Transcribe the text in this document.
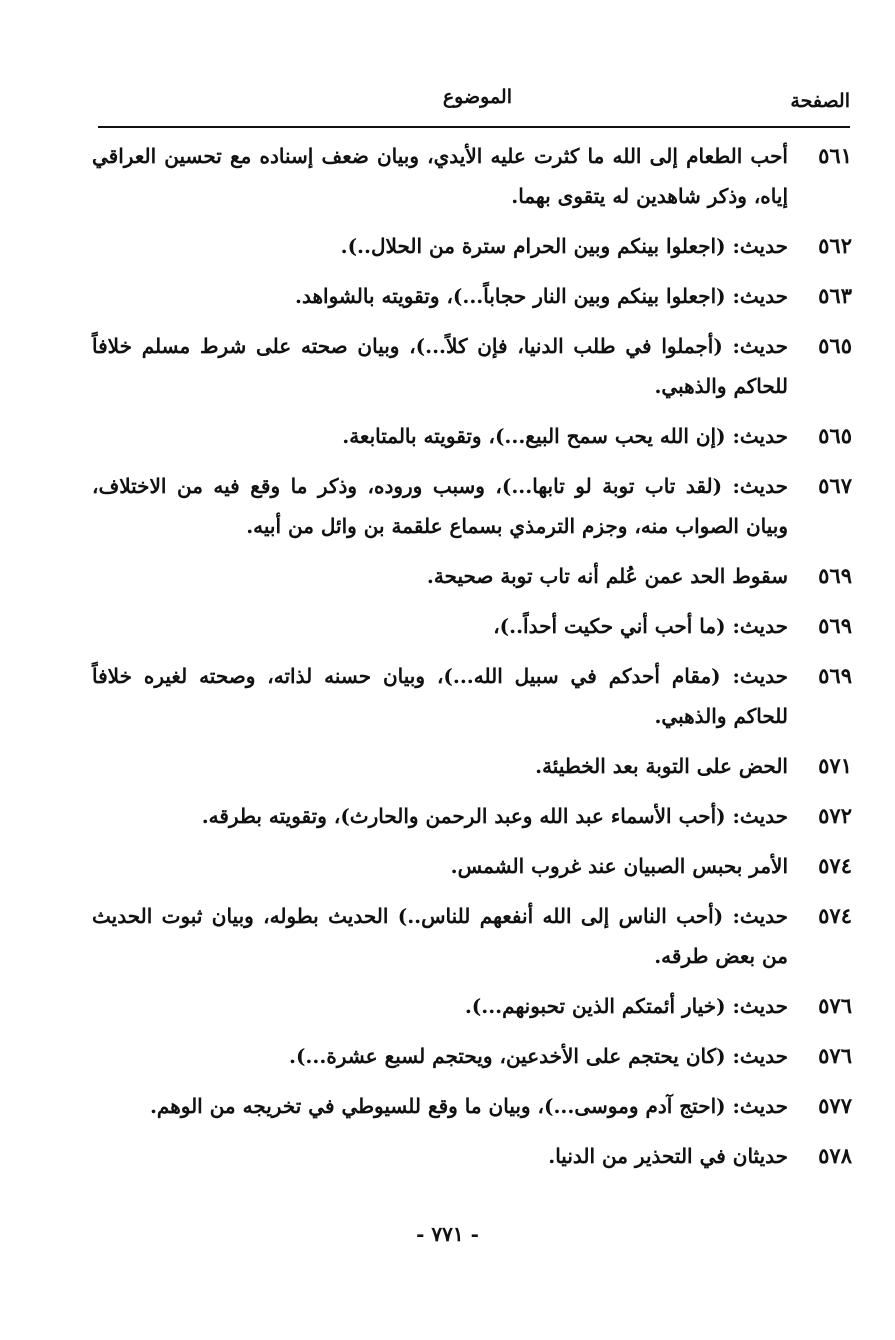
الصفحة
الموضوع
٥٦١
أحب الطعام إلى الله ما كثرت عليه الأيدي، وبيان ضعف إسناده مع تحسين العراقي إياه، وذكر شاهدين له يتقوى بهما.
٥٦٢
حديث: (اجعلوا بينكم وبين الحرام سترة من الحلال..).
٥٦٣
حديث: (اجعلوا بينكم وبين النار حجاباً...)، وتقويته بالشواهد.
٥٦٥
حديث: (أجملوا في طلب الدنيا، فإن كلاً...)، وبيان صحته على شرط مسلم خلافاً للحاكم والذهبي.
٥٦٥
حديث: (إن الله يحب سمح البيع...)، وتقويته بالمتابعة.
٥٦٧
حديث: (لقد تاب توبة لو تابها...)، وسبب وروده، وذكر ما وقع فيه من الاختلاف، وبيان الصواب منه، وجزم الترمذي بسماع علقمة بن وائل من أبيه.
٥٦٩
سقوط الحد عمن عُلم أنه تاب توبة صحيحة.
٥٦٩
حديث: (ما أحب أني حكيت أحداً..)،
٥٦٩
حديث: (مقام أحدكم في سبيل الله...)، وبيان حسنه لذاته، وصحته لغيره خلافاً للحاكم والذهبي.
٥٧١
الحض على التوبة بعد الخطيئة.
٥٧٢
حديث: (أحب الأسماء عبد الله وعبد الرحمن والحارث)، وتقويته بطرقه.
٥٧٤
الأمر بحبس الصبيان عند غروب الشمس.
٥٧٤
حديث: (أحب الناس إلى الله أنفعهم للناس..) الحديث بطوله، وبيان ثبوت الحديث من بعض طرقه.
٥٧٦
حديث: (خيار أئمتكم الذين تحبونهم...).
٥٧٦
حديث: (كان يحتجم على الأخدعين، ويحتجم لسبع عشرة...).
٥٧٧
حديث: (احتج آدم وموسى...)، وبيان ما وقع للسيوطي في تخريجه من الوهم.
٥٧٨
حديثان في التحذير من الدنيا.
- ٧٧١ -
